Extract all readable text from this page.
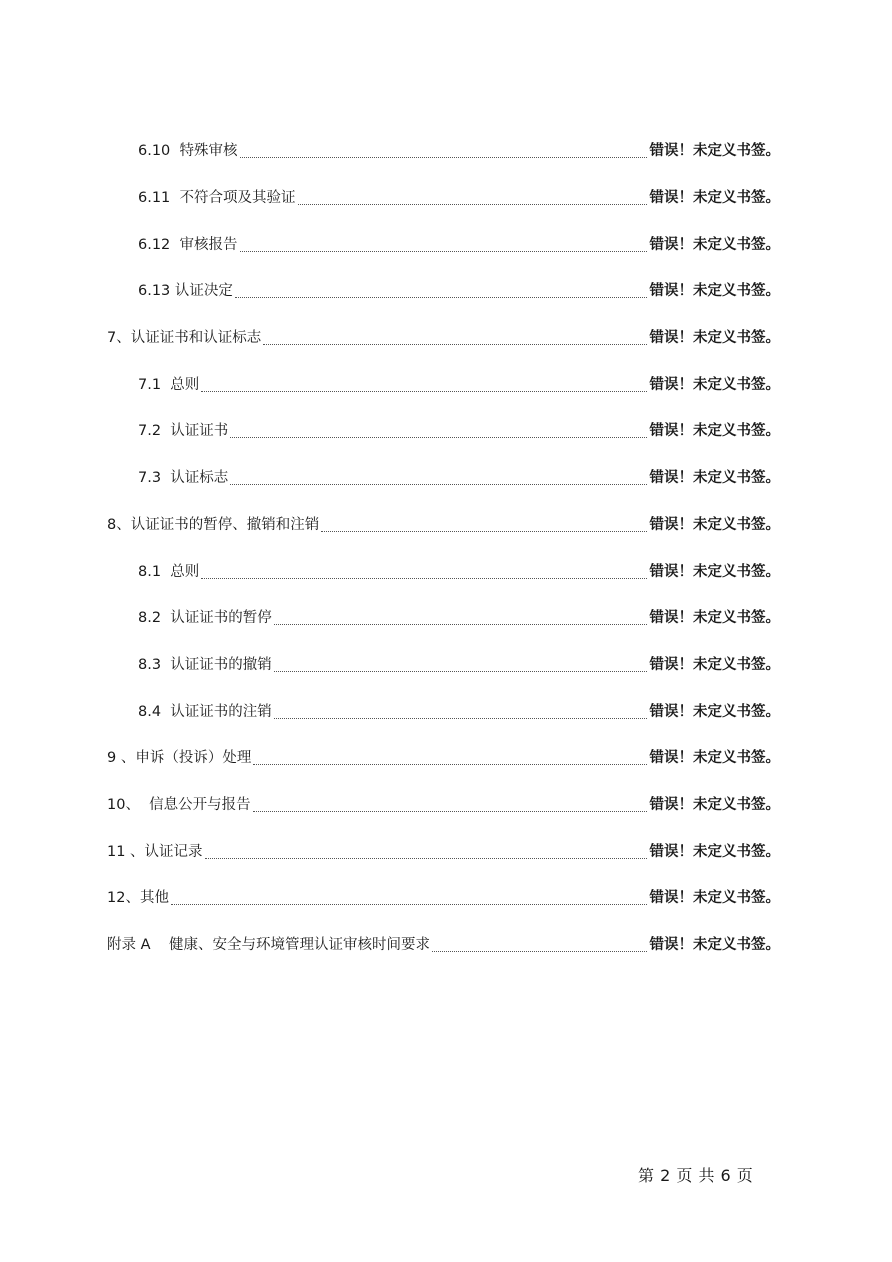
6.10  特殊审核	错误！未定义书签。
6.11  不符合项及其验证	错误！未定义书签。
6.12  审核报告	错误！未定义书签。
6.13 认证决定	错误！未定义书签。
7、认证证书和认证标志	错误！未定义书签。
7.1  总则	错误！未定义书签。
7.2  认证证书	错误！未定义书签。
7.3  认证标志	错误！未定义书签。
8、认证证书的暂停、撤销和注销	错误！未定义书签。
8.1  总则	错误！未定义书签。
8.2  认证证书的暂停	错误！未定义书签。
8.3  认证证书的撤销	错误！未定义书签。
8.4  认证证书的注销	错误！未定义书签。
9 、申诉（投诉）处理	错误！未定义书签。
10、  信息公开与报告	错误！未定义书签。
11 、认证记录	错误！未定义书签。
12、其他	错误！未定义书签。
附录 A    健康、安全与环境管理认证审核时间要求	错误！未定义书签。
第 2 页 共 6 页
